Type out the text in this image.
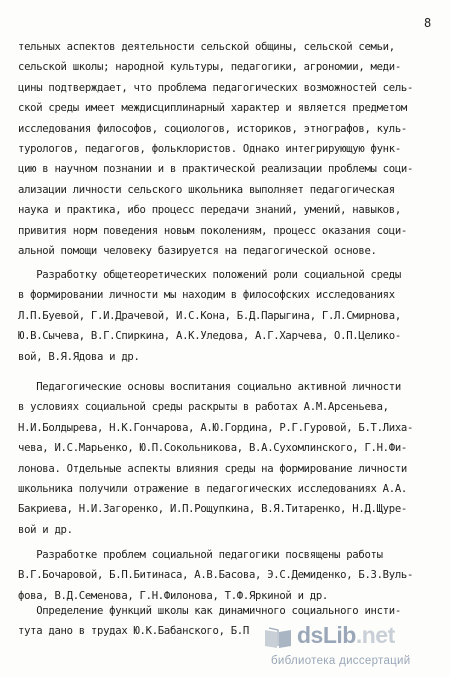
8
тельных аспектов деятельности сельской общины, сельской семьи,
сельской школы; народной культуры, педагогики, агрономии, меди-
цины подтверждает, что проблема педагогических возможностей сель-
ской среды имеет междисциплинарный характер и является предметом
исследования философов, социологов, историков, этнографов, куль-
турологов, педагогов, фольклористов. Однако интегрирующую функ-
цию в научном познании и в практической реализации проблемы соци-
ализации личности сельского школьника выполняет педагогическая
наука и практика, ибо процесс передачи знаний, умений, навыков,
привития норм поведения новым поколениям, процесс оказания соци-
альной помощи человеку базируется на педагогической основе.
Разработку общетеоретических положений роли социальной среды
в формировании личности мы находим в философских исследованиях
Л.П.Буевой, Г.И.Драчевой, И.С.Кона, Б.Д.Парыгина, Г.Л.Смирнова,
Ю.В.Сычева, В.Г.Спиркина, А.К.Уледова, А.Г.Харчева, О.П.Целико-
вой, В.Я.Ядова и др.
Педагогические основы воспитания социально активной личности
в условиях социальной среды раскрыты в работах А.М.Арсеньева,
Н.И.Болдырева, Н.К.Гончарова, А.Ю.Гордина, Р.Г.Гуровой, Б.Т.Лиха-
чева, И.С.Марьенко, Ю.П.Сокольникова, В.А.Сухомлинского, Г.Н.Фи-
лонова. Отдельные аспекты влияния среды на формирование личности
школьника получили отражение в педагогических исследованиях А.А.
Бакриева, Н.И.Загоренко, И.П.Рощупкина, В.Я.Титаренко, Н.Д.Щуре-
вой и др.
Разработке проблем социальной педагогики посвящены работы
В.Г.Бочаровой, Б.П.Битинаса, А.В.Басова, Э.С.Демиденко, Б.З.Вуль-
фова, В.Д.Семенова, Г.Н.Филонова, Т.Ф.Яркиной и др.
Определение функций школы как динамичного социального инсти-
тута дано в трудах Ю.К.Бабанского, Б.П dsLib.net
библиотека диссертаций
